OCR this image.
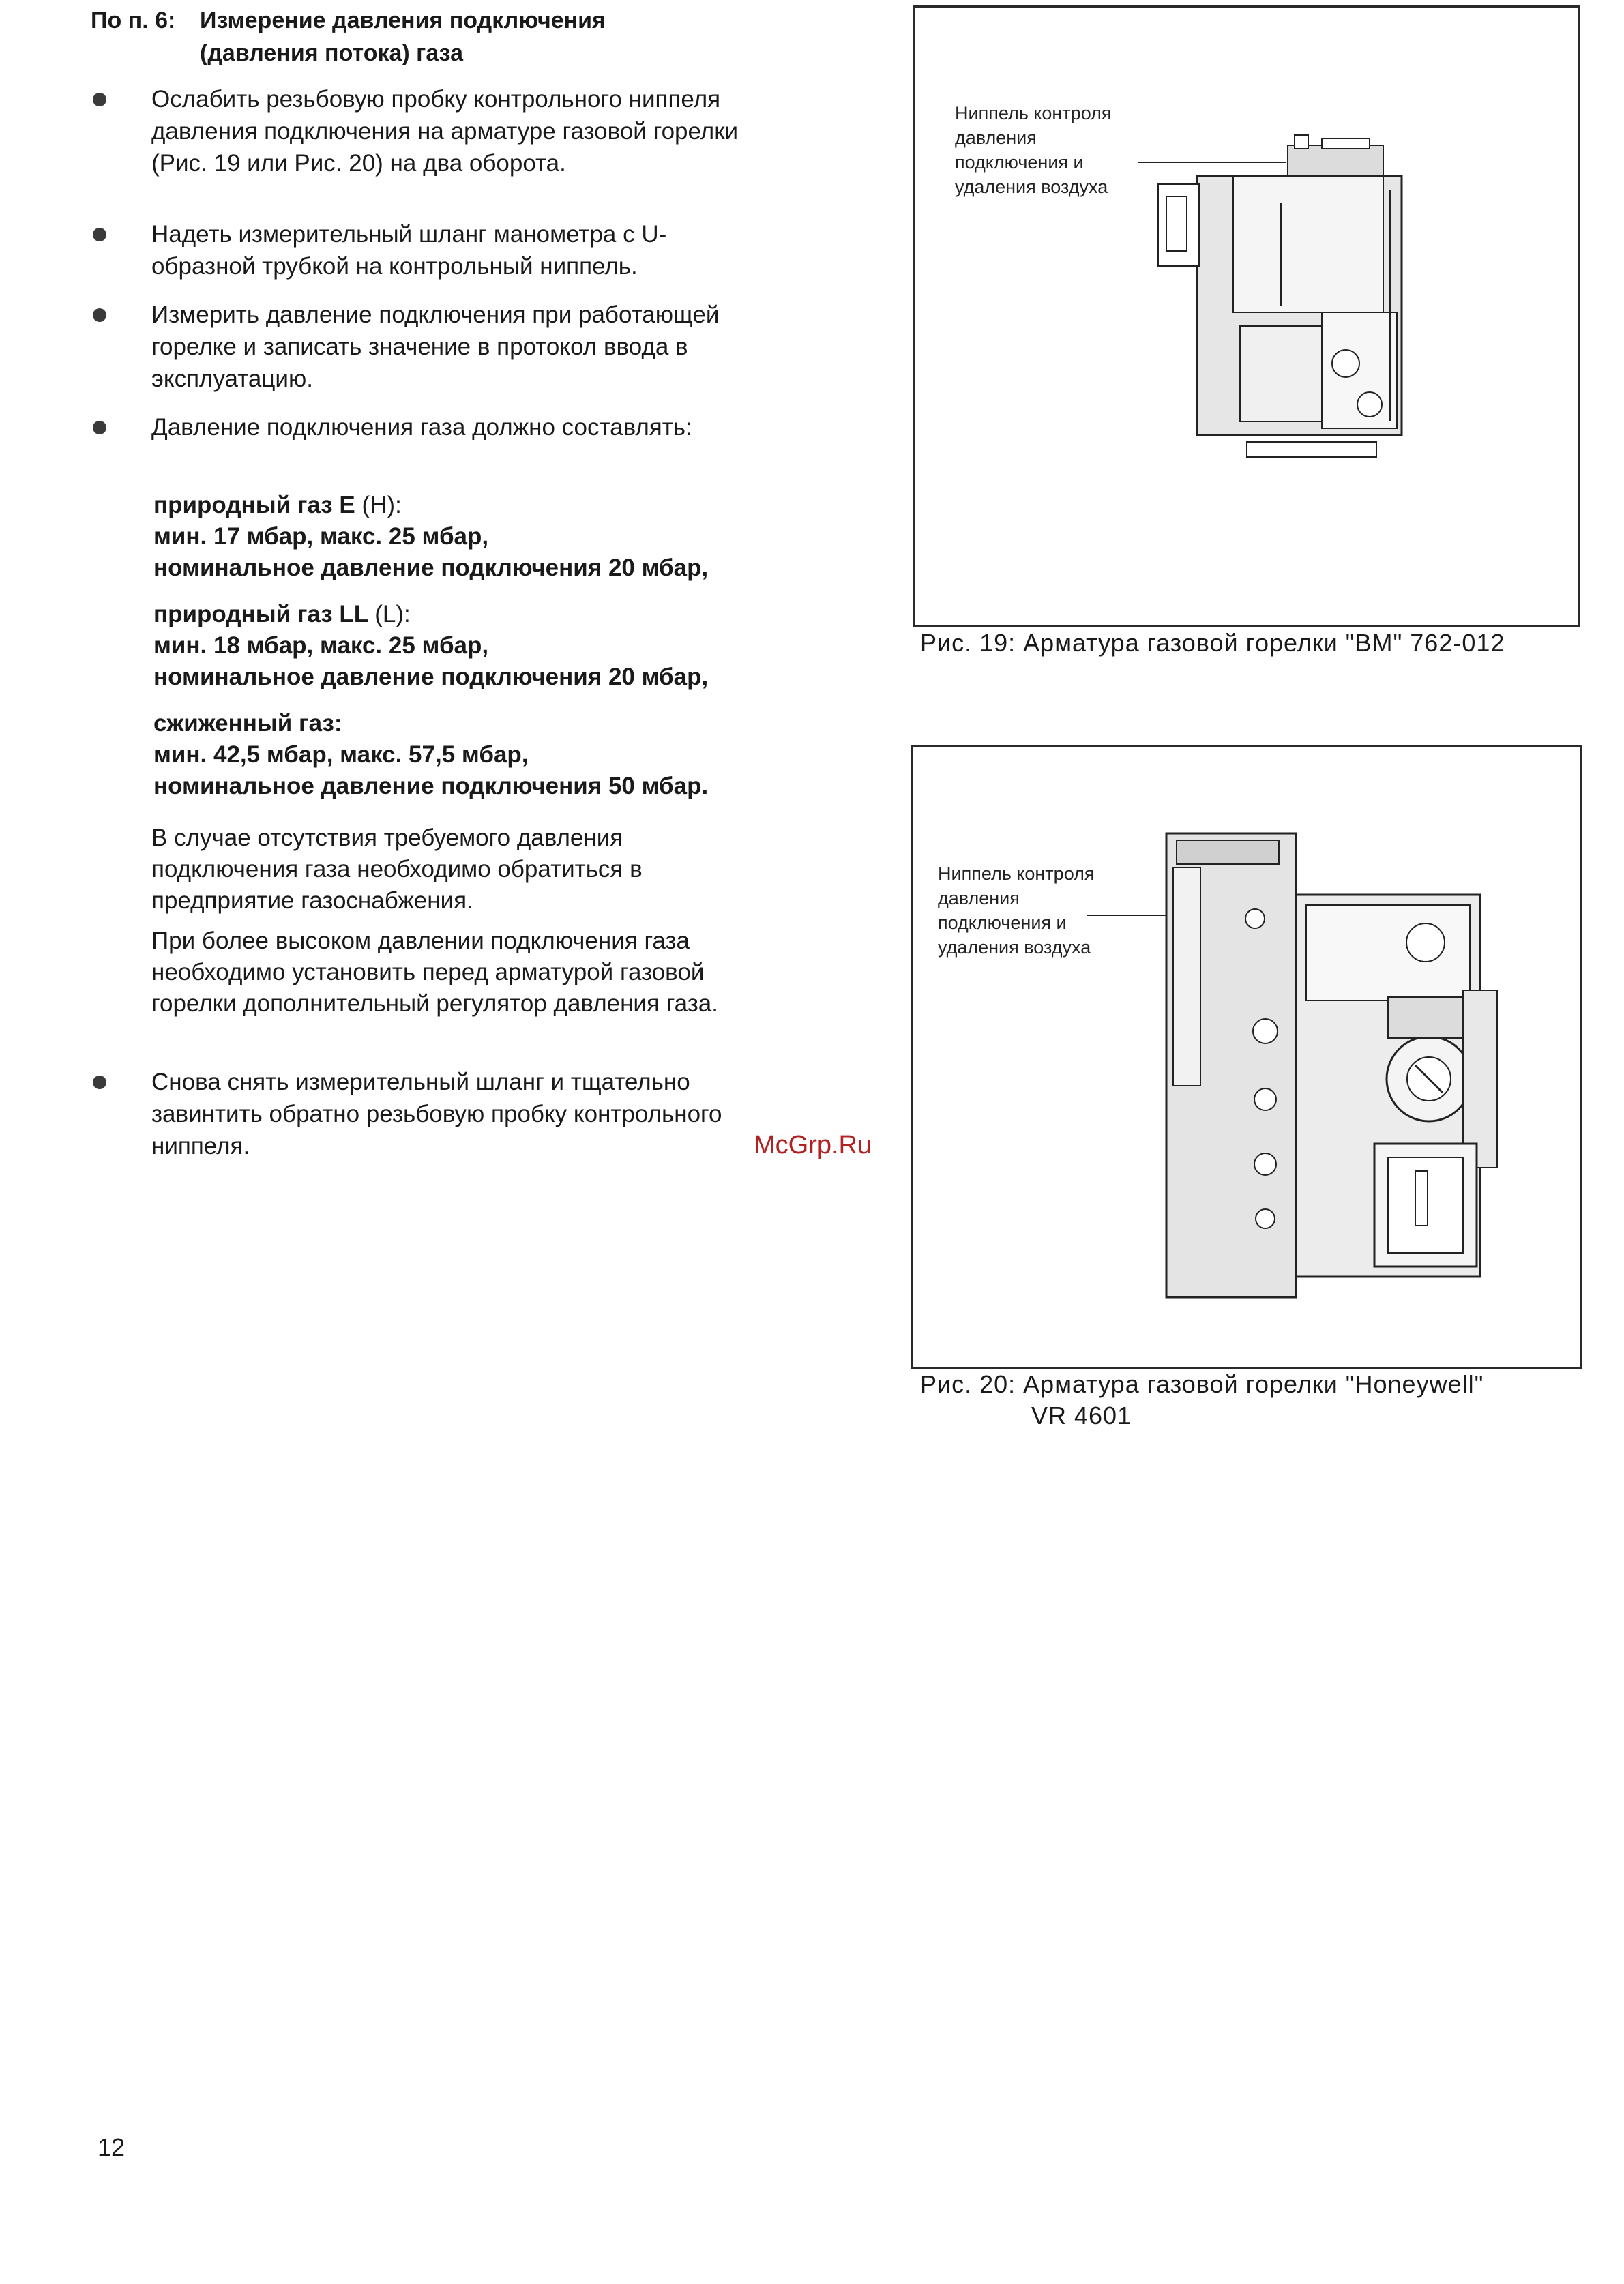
По п. 6:	Измерение давления подключения
(давления потока) газа
Ослабить резьбовую пробку контрольного ниппеля давления подключения на арматуре газовой горелки (Рис. 19 или Рис. 20) на два оборота.
Надеть измерительный шланг манометра с U-образной трубкой на контрольный ниппель.
Измерить давление подключения при работающей горелке и записать значение в протокол ввода в эксплуатацию.
Давление подключения газа должно составлять:
природный газ E (H):
мин. 17 мбар, макс. 25 мбар,
номинальное давление подключения 20 мбар,
природный газ LL (L):
мин. 18 мбар, макс. 25 мбар,
номинальное давление подключения 20 мбар,
сжиженный газ:
мин. 42,5 мбар, макс. 57,5 мбар,
номинальное давление подключения 50 мбар.
В случае отсутствия требуемого давления подключения газа необходимо обратиться в предприятие газоснабжения.
При более высоком давлении подключения газа необходимо установить перед арматурой газовой горелки дополнительный регулятор давления газа.
Снова снять измерительный шланг и тщательно завинтить обратно резьбовую пробку контрольного ниппеля.
Ниппель контроля
давления
подключения и
удаления воздуха
Рис. 19: Арматура газовой горелки "BM" 762-012
Ниппель контроля
давления
подключения и
удаления воздуха
Рис. 20: Арматура газовой горелки "Honeywell"
VR 4601
McGrp.Ru
12
